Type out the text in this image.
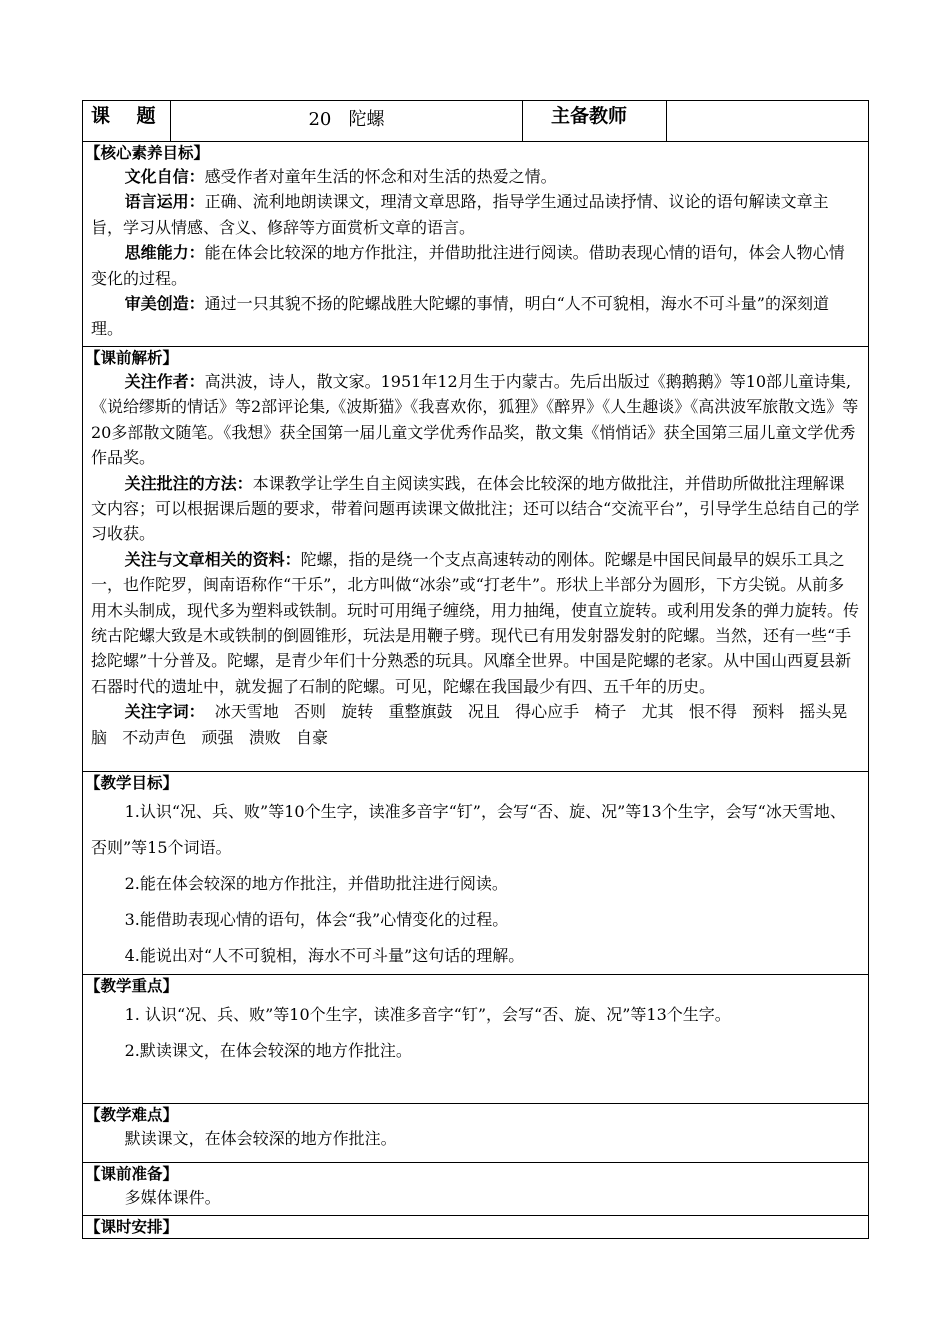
课    题	20   陀螺	主备教师	

【核心素养目标】

文化自信：感受作者对童年生活的怀念和对生活的热爱之情。

语言运用：正确、流利地朗读课文，理清文章思路，指导学生通过品读抒情、议论的语句解读文章主旨，学习从情感、含义、修辞等方面赏析文章的语言。

思维能力：能在体会比较深的地方作批注，并借助批注进行阅读。借助表现心情的语句，体会人物心情变化的过程。

审美创造：通过一只其貌不扬的陀螺战胜大陀螺的事情，明白“人不可貌相，海水不可斗量”的深刻道理。

【课前解析】

关注作者：高洪波，诗人，散文家。1951年12月生于内蒙古。先后出版过《鹅鹅鹅》等10部儿童诗集,《说给缪斯的情话》等2部评论集,《波斯猫》《我喜欢你，狐狸》《醉界》《人生趣谈》《高洪波军旅散文选》等20多部散文随笔。《我想》获全国第一届儿童文学优秀作品奖，散文集《悄悄话》获全国第三届儿童文学优秀作品奖。

关注批注的方法：本课教学让学生自主阅读实践，在体会比较深的地方做批注，并借助所做批注理解课文内容；可以根据课后题的要求，带着问题再读课文做批注；还可以结合“交流平台”，引导学生总结自己的学习收获。

关注与文章相关的资料：陀螺，指的是绕一个支点高速转动的刚体。陀螺是中国民间最早的娱乐工具之一，也作陀罗，闽南语称作“干乐”，北方叫做“冰尜”或“打老牛”。形状上半部分为圆形，下方尖锐。从前多用木头制成，现代多为塑料或铁制。玩时可用绳子缠绕，用力抽绳，使直立旋转。或利用发条的弹力旋转。传统古陀螺大致是木或铁制的倒圆锥形，玩法是用鞭子劈。现代已有用发射器发射的陀螺。当然，还有一些“手捻陀螺”十分普及。陀螺，是青少年们十分熟悉的玩具。风靡全世界。中国是陀螺的老家。从中国山西夏县新石器时代的遗址中，就发掘了石制的陀螺。可见，陀螺在我国最少有四、五千年的历史。

关注字词：  冰天雪地   否则   旋转   重整旗鼓   况且   得心应手   椅子   尤其   恨不得   预料   摇头晃脑   不动声色   顽强   溃败   自豪

【教学目标】

1.认识“况、兵、败”等10个生字，读准多音字“钉”，会写“否、旋、况”等13个生字，会写“冰天雪地、否则”等15个词语。

2.能在体会较深的地方作批注，并借助批注进行阅读。

3.能借助表现心情的语句，体会“我”心情变化的过程。

4.能说出对“人不可貌相，海水不可斗量”这句话的理解。

【教学重点】

1. 认识“况、兵、败”等10个生字，读准多音字“钉”，会写“否、旋、况”等13个生字。

2.默读课文，在体会较深的地方作批注。

【教学难点】

默读课文，在体会较深的地方作批注。

【课前准备】

多媒体课件。

【课时安排】
